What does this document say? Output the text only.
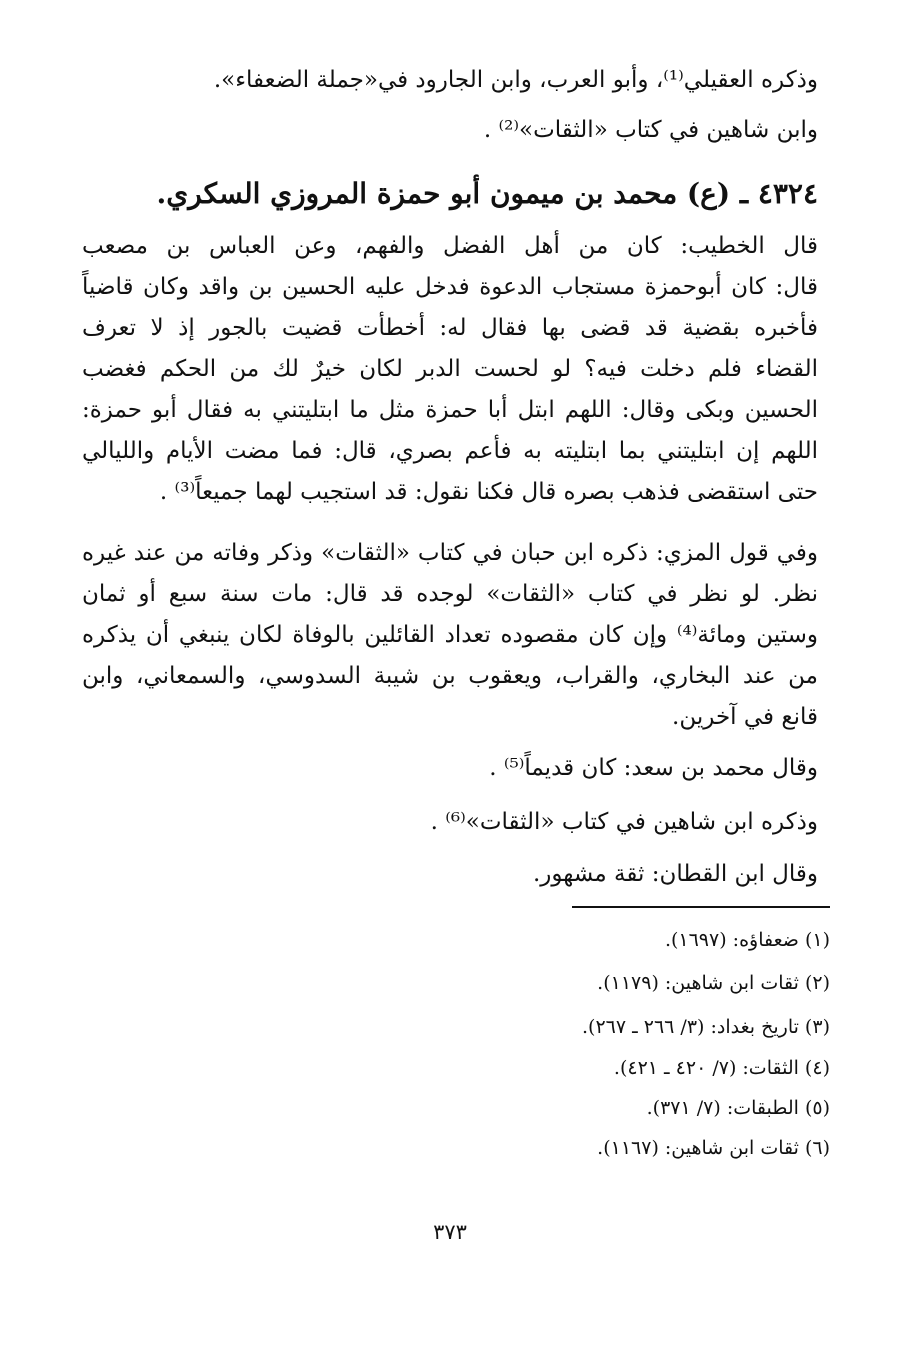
وذكره العقيلي⁽¹⁾، وأبو العرب، وابن الجارود في«جملة الضعفاء».
وابن شاهين في كتاب «الثقات»⁽²⁾ .
٤٣٢٤ ـ (ع) محمد بن ميمون أبو حمزة المروزي السكري.
قال الخطيب: كان من أهل الفضل والفهم، وعن العباس بن مصعب
قال: كان أبوحمزة مستجاب الدعوة فدخل عليه الحسين بن واقد وكان قاضياً
فأخبره بقضية قد قضى بها فقال له: أخطأت قضيت بالجور إذ لا تعرف
القضاء فلم دخلت فيه؟ لو لحست الدبر لكان خيرٌ لك من الحكم فغضب
الحسين وبكى وقال: اللهم ابتل أبا حمزة مثل ما ابتليتني به فقال أبو حمزة:
اللهم إن ابتليتني بما ابتليته به فأعم بصري، قال: فما مضت الأيام والليالي
حتى استقضى فذهب بصره قال فكنا نقول: قد استجيب لهما جميعاً⁽³⁾ .
وفي قول المزي: ذكره ابن حبان في كتاب «الثقات» وذكر وفاته من عند غيره
نظر. لو نظر في كتاب «الثقات» لوجده قد قال: مات سنة سبع أو ثمان
وستين ومائة⁽⁴⁾ وإن كان مقصوده تعداد القائلين بالوفاة لكان ينبغي أن يذكره
من عند البخاري، والقراب، ويعقوب بن شيبة السدوسي، والسمعاني، وابن
قانع في آخرين.
وقال محمد بن سعد: كان قديماً⁽⁵⁾ .
وذكره ابن شاهين في كتاب «الثقات»⁽⁶⁾ .
وقال ابن القطان: ثقة مشهور.
(١) ضعفاؤه: (١٦٩٧).
(٢) ثقات ابن شاهين: (١١٧٩).
(٣) تاريخ بغداد: (٣/ ٢٦٦ ـ ٢٦٧).
(٤) الثقات: (٧/ ٤٢٠ ـ ٤٢١).
(٥) الطبقات: (٧/ ٣٧١).
(٦) ثقات ابن شاهين: (١١٦٧).
٣٧٣
